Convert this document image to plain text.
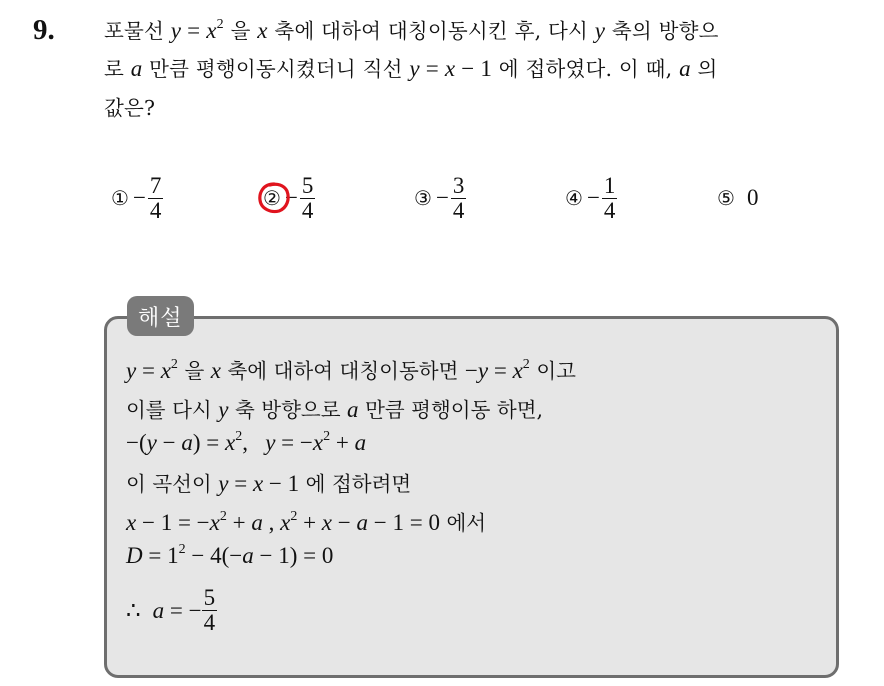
9. 포물선 $y = x^2$ 을 x 축에 대하여 대칭이동시킨 후, 다시 y 축의 방향으
로 a 만큼 평행이동시켰더니 직선 y = x − 1 에 접하였다. 이 때, a 의
값은?
① − $\frac{7}{4}$	② − $\frac{5}{4}$	③ − $\frac{3}{4}$	④ − $\frac{1}{4}$	⑤ 0
해설
$y = x^2$ 을 x 축에 대하여 대칭이동하면 $-y = x^2$ 이고
이를 다시 y 축 방향으로 a 만큼 평행이동 하면,
$-(y - a) = x^2$,   $y = -x^2 + a$
이 곡선이 y = x − 1 에 접하려면
$x - 1 = -x^2 + a$ , $x^2 + x - a - 1 = 0$ 에서
$D = 1^2 - 4(-a - 1) = 0$
∴ a = − $\frac{5}{4}$
